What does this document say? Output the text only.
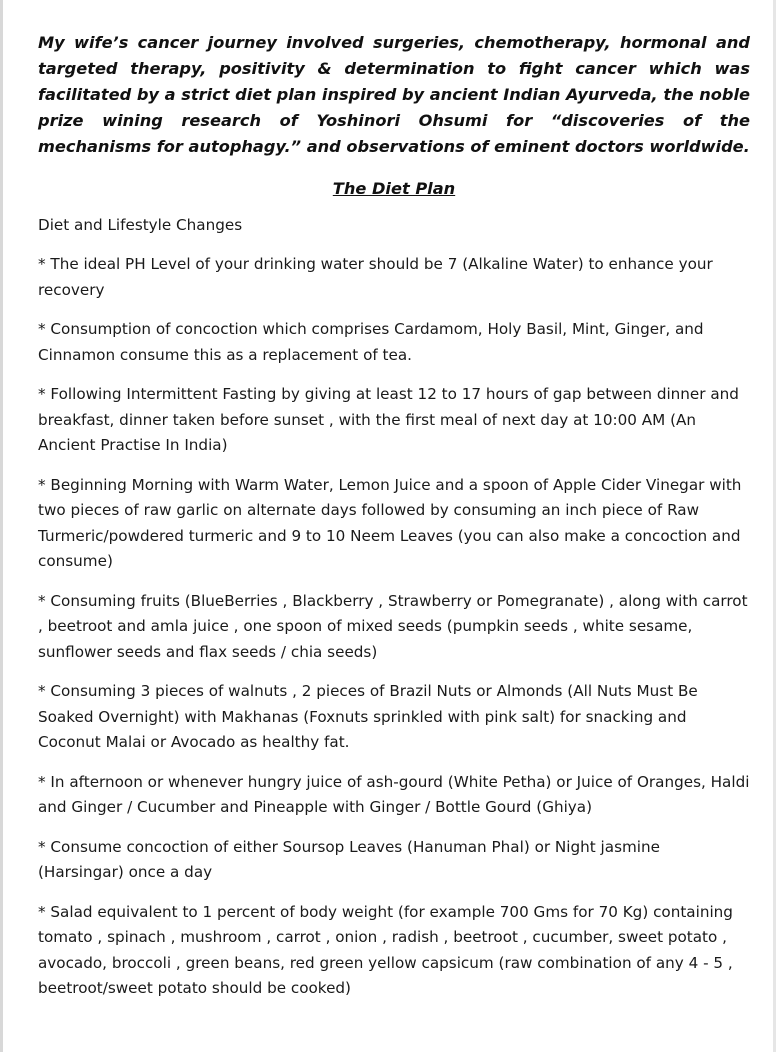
My wife’s cancer journey involved surgeries, chemotherapy, hormonal and targeted therapy, positivity & determination to fight cancer which was facilitated by a strict diet plan inspired by ancient Indian Ayurveda, the noble prize wining research of Yoshinori Ohsumi for “discoveries of the mechanisms for autophagy.” and observations of eminent doctors worldwide.

The Diet Plan
Diet and Lifestyle Changes
* The ideal PH Level of your drinking water should be 7 (Alkaline Water) to enhance your recovery
* Consumption of concoction which comprises Cardamom, Holy Basil, Mint, Ginger, and Cinnamon consume this as a replacement of tea.
* Following Intermittent Fasting by giving at least 12 to 17 hours of gap between dinner and breakfast, dinner taken before sunset , with the first meal of next day at 10:00 AM (An Ancient Practise In India)
* Beginning Morning with Warm Water, Lemon Juice and a spoon of Apple Cider Vinegar with two pieces of raw garlic on alternate days followed by consuming an inch piece of Raw Turmeric/powdered turmeric and 9 to 10 Neem Leaves (you can also make a concoction and consume)
* Consuming fruits (BlueBerries , Blackberry , Strawberry or Pomegranate) , along with carrot , beetroot and amla juice , one spoon of mixed seeds (pumpkin seeds , white sesame, sunflower seeds and flax seeds / chia seeds)
* Consuming 3 pieces of walnuts , 2 pieces of Brazil Nuts or Almonds (All Nuts Must Be Soaked Overnight) with Makhanas (Foxnuts sprinkled with pink salt) for snacking and Coconut Malai or Avocado as healthy fat.
* In afternoon or whenever hungry juice of ash-gourd (White Petha) or Juice of Oranges, Haldi and Ginger / Cucumber and Pineapple with Ginger / Bottle Gourd (Ghiya)
* Consume concoction of either Soursop Leaves (Hanuman Phal) or Night jasmine (Harsingar) once a day
* Salad equivalent to 1 percent of body weight (for example 700 Gms for 70 Kg) containing tomato , spinach , mushroom , carrot , onion , radish , beetroot , cucumber, sweet potato , avocado, broccoli , green beans, red green yellow capsicum (raw combination of any 4 - 5 , beetroot/sweet potato should be cooked)
